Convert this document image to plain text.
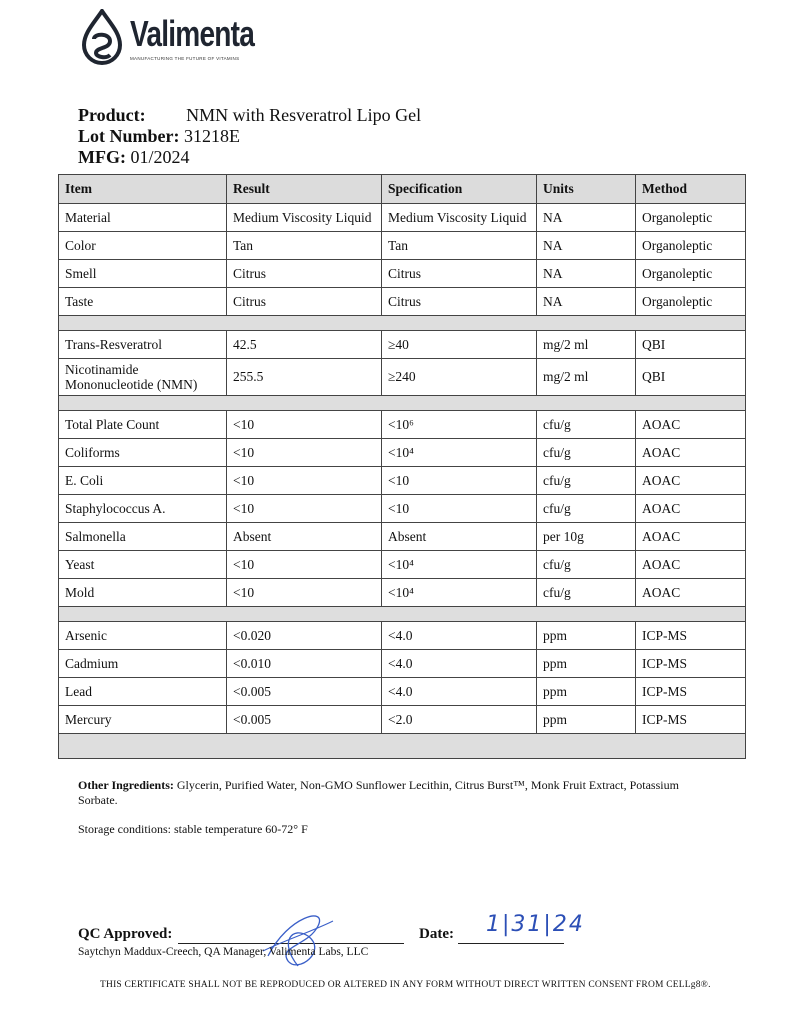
Valimenta
MANUFACTURING THE FUTURE OF VITAMINS
Product: NMN with Resveratrol Lipo Gel
Lot Number: 31218E
MFG: 01/2024
Item	Result	Specification	Units	Method
Material	Medium Viscosity Liquid	Medium Viscosity Liquid	NA	Organoleptic
Color	Tan	Tan	NA	Organoleptic
Smell	Citrus	Citrus	NA	Organoleptic
Taste	Citrus	Citrus	NA	Organoleptic

Trans-Resveratrol	42.5	≥40	mg/2 ml	QBI
Nicotinamide Mononucleotide (NMN)	255.5	≥240	mg/2 ml	QBI

Total Plate Count	<10	<10⁶	cfu/g	AOAC
Coliforms	<10	<10⁴	cfu/g	AOAC
E. Coli	<10	<10	cfu/g	AOAC
Staphylococcus A.	<10	<10	cfu/g	AOAC
Salmonella	Absent	Absent	per 10g	AOAC
Yeast	<10	<10⁴	cfu/g	AOAC
Mold	<10	<10⁴	cfu/g	AOAC

Arsenic	<0.020	<4.0	ppm	ICP-MS
Cadmium	<0.010	<4.0	ppm	ICP-MS
Lead	<0.005	<4.0	ppm	ICP-MS
Mercury	<0.005	<2.0	ppm	ICP-MS

Other Ingredients: Glycerin, Purified Water, Non-GMO Sunflower Lecithin, Citrus Burst™, Monk Fruit Extract, Potassium Sorbate.
Storage conditions: stable temperature 60-72° F
QC Approved:	Date: 1|31|24
Saytchyn Maddux-Creech, QA Manager, Valimenta Labs, LLC
THIS CERTIFICATE SHALL NOT BE REPRODUCED OR ALTERED IN ANY FORM WITHOUT DIRECT WRITTEN CONSENT FROM CELLg8®.
